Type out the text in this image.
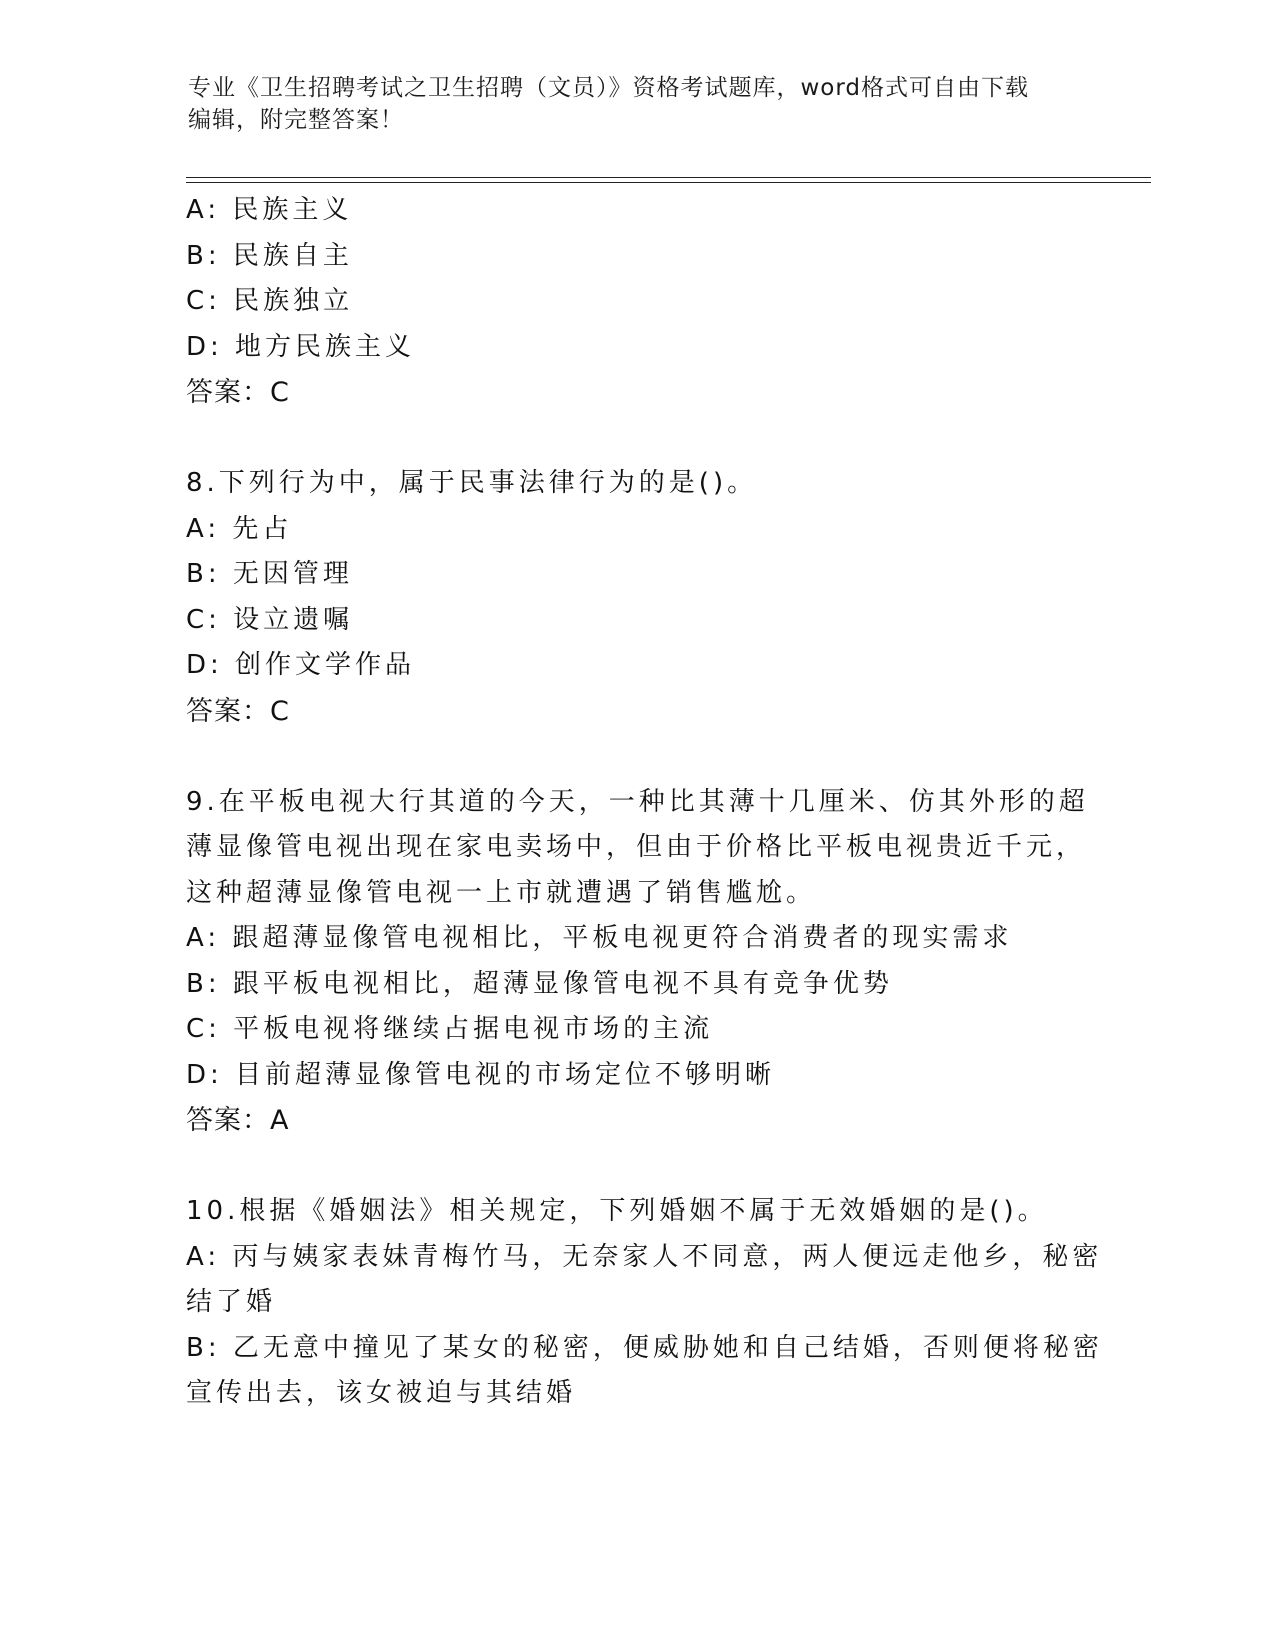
专业《卫生招聘考试之卫生招聘（文员）》资格考试题库，word格式可自由下载
编辑，附完整答案！
A: 民族主义
B: 民族自主
C: 民族独立
D: 地方民族主义
答案：C
8.下列行为中，属于民事法律行为的是()。
A: 先占
B: 无因管理
C: 设立遗嘱
D: 创作文学作品
答案：C
9.在平板电视大行其道的今天，一种比其薄十几厘米、仿其外形的超
薄显像管电视出现在家电卖场中，但由于价格比平板电视贵近千元，
这种超薄显像管电视一上市就遭遇了销售尴尬。
A: 跟超薄显像管电视相比，平板电视更符合消费者的现实需求
B: 跟平板电视相比，超薄显像管电视不具有竞争优势
C: 平板电视将继续占据电视市场的主流
D: 目前超薄显像管电视的市场定位不够明晰
答案：A
10.根据《婚姻法》相关规定，下列婚姻不属于无效婚姻的是()。
A: 丙与姨家表妹青梅竹马，无奈家人不同意，两人便远走他乡，秘密
结了婚
B: 乙无意中撞见了某女的秘密，便威胁她和自己结婚，否则便将秘密
宣传出去，该女被迫与其结婚
